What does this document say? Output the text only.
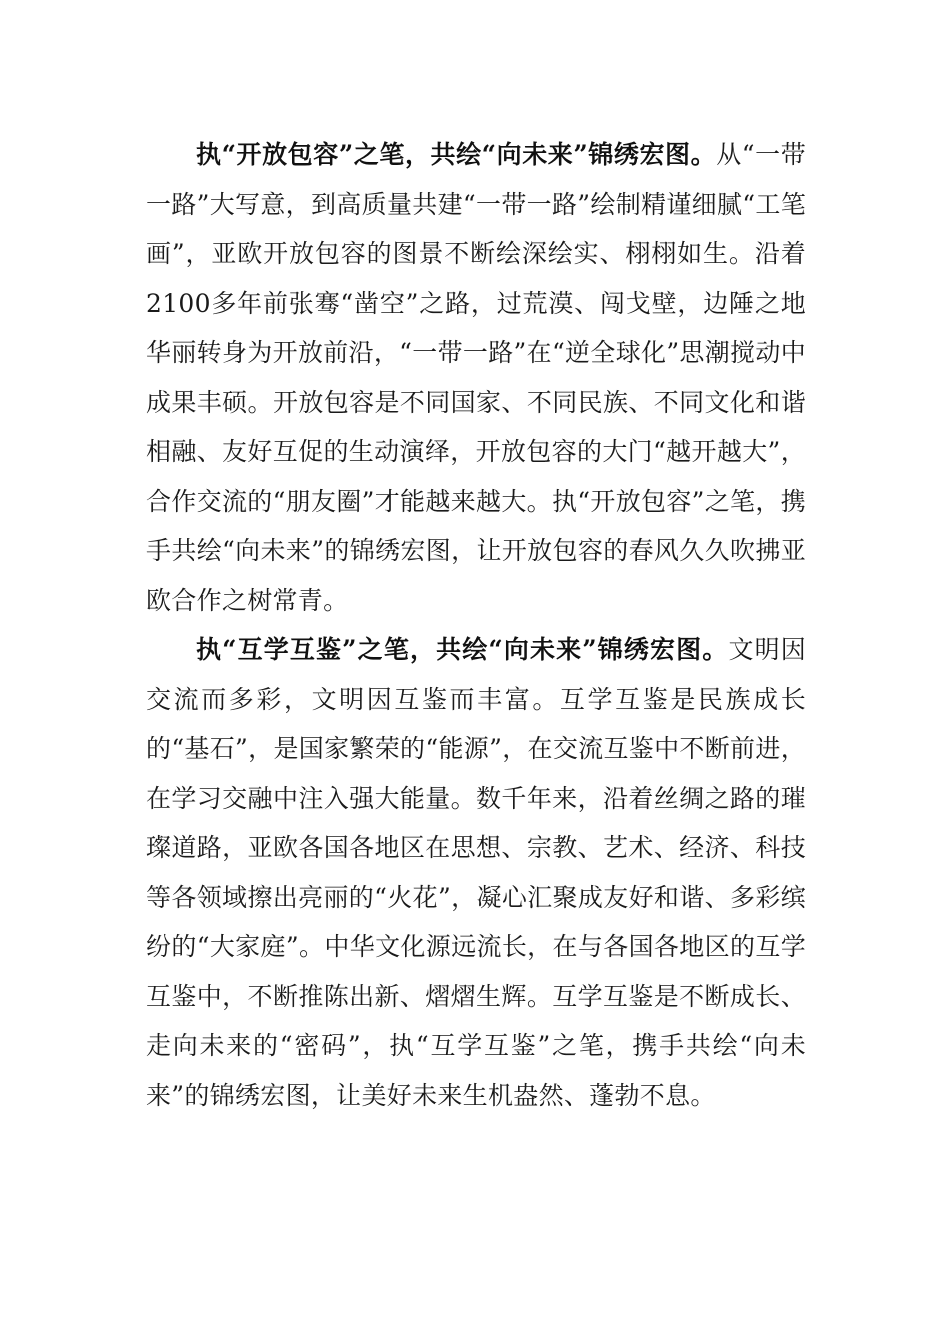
执“开放包容”之笔，共绘“向未来”锦绣宏图。从“一带一路”大写意，到高质量共建“一带一路”绘制精谨细腻“工笔画”，亚欧开放包容的图景不断绘深绘实、栩栩如生。沿着2100多年前张骞“凿空”之路，过荒漠、闯戈壁，边陲之地华丽转身为开放前沿，“一带一路”在“逆全球化”思潮搅动中成果丰硕。开放包容是不同国家、不同民族、不同文化和谐相融、友好互促的生动演绎，开放包容的大门“越开越大”，合作交流的“朋友圈”才能越来越大。执“开放包容”之笔，携手共绘“向未来”的锦绣宏图，让开放包容的春风久久吹拂亚欧合作之树常青。

执“互学互鉴”之笔，共绘“向未来”锦绣宏图。文明因交流而多彩，文明因互鉴而丰富。互学互鉴是民族成长的“基石”，是国家繁荣的“能源”，在交流互鉴中不断前进，在学习交融中注入强大能量。数千年来，沿着丝绸之路的璀璨道路，亚欧各国各地区在思想、宗教、艺术、经济、科技等各领域擦出亮丽的“火花”，凝心汇聚成友好和谐、多彩缤纷的“大家庭”。中华文化源远流长，在与各国各地区的互学互鉴中，不断推陈出新、熠熠生辉。互学互鉴是不断成长、走向未来的“密码”，执“互学互鉴”之笔，携手共绘“向未来”的锦绣宏图，让美好未来生机盎然、蓬勃不息。
